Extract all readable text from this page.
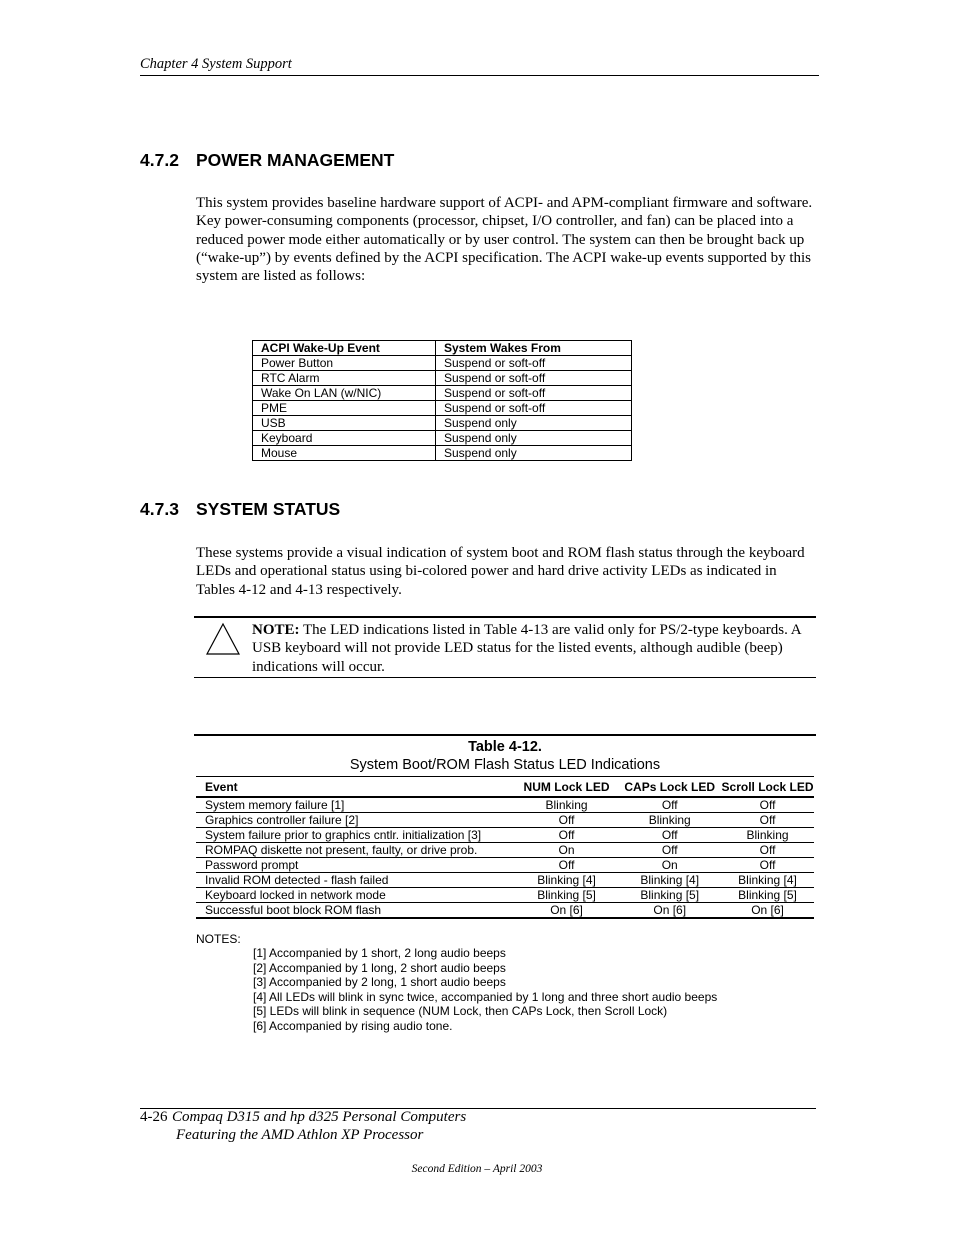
Chapter 4 System Support
4.7.2 POWER MANAGEMENT
This system provides baseline hardware support of ACPI- and APM-compliant firmware and software. Key power-consuming components (processor, chipset, I/O controller, and fan) can be placed into a reduced power mode either automatically or by user control. The system can then be brought back up (“wake-up”) by events defined by the ACPI specification. The ACPI wake-up events supported by this system are listed as follows:
ACPI Wake-Up Event	System Wakes From
Power Button	Suspend or soft-off
RTC Alarm	Suspend or soft-off
Wake On LAN (w/NIC)	Suspend or soft-off
PME	Suspend or soft-off
USB	Suspend only
Keyboard	Suspend only
Mouse	Suspend only
4.7.3 SYSTEM STATUS
These systems provide a visual indication of system boot and ROM flash status through the keyboard LEDs and operational status using bi-colored power and hard drive activity LEDs as indicated in Tables 4-12 and 4-13 respectively.
NOTE: The LED indications listed in Table 4-13 are valid only for PS/2-type keyboards. A USB keyboard will not provide LED status for the listed events, although audible (beep) indications will occur.
Table 4-12.
System Boot/ROM Flash Status LED Indications
Event	NUM Lock LED	CAPs Lock LED	Scroll Lock LED
System memory failure [1]	Blinking	Off	Off
Graphics controller failure [2]	Off	Blinking	Off
System failure prior to graphics cntlr. initialization [3]	Off	Off	Blinking
ROMPAQ diskette not present, faulty, or drive prob.	On	Off	Off
Password prompt	Off	On	Off
Invalid ROM detected - flash failed	Blinking [4]	Blinking [4]	Blinking [4]
Keyboard locked in network mode	Blinking [5]	Blinking [5]	Blinking [5]
Successful boot block ROM flash	On [6]	On [6]	On [6]
NOTES:
[1] Accompanied by 1 short, 2 long audio beeps
[2] Accompanied by 1 long, 2 short audio beeps
[3] Accompanied by 2 long, 1 short audio beeps
[4] All LEDs will blink in sync twice, accompanied by 1 long and three short audio beeps
[5] LEDs will blink in sequence (NUM Lock, then CAPs Lock, then Scroll Lock)
[6] Accompanied by rising audio tone.
4-26 Compaq D315 and hp d325 Personal Computers
Featuring the AMD Athlon XP Processor
Second Edition – April 2003
